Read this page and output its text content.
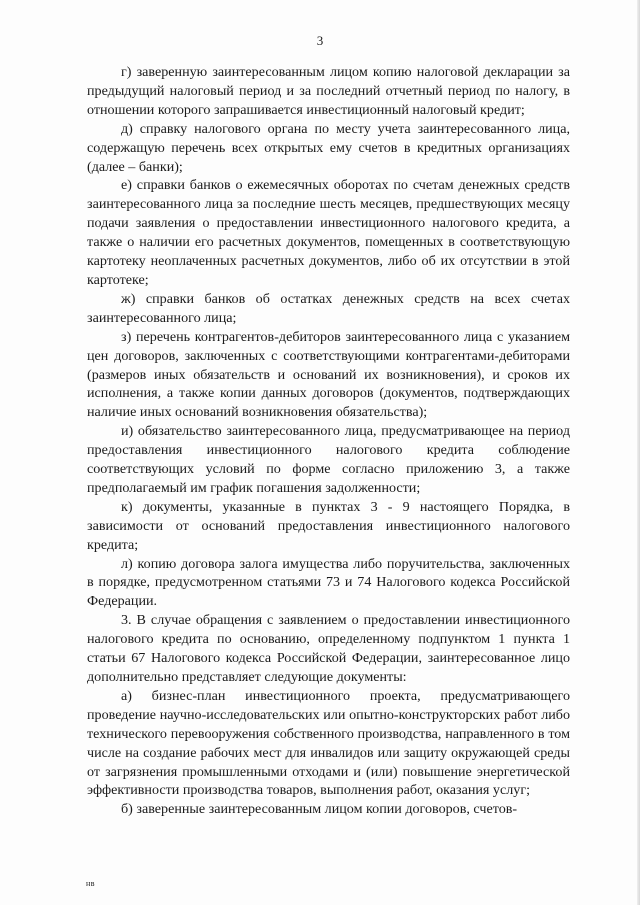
3

г) заверенную заинтересованным лицом копию налоговой декларации за предыдущий налоговый период и за последний отчетный период по налогу, в отношении которого запрашивается инвестиционный налоговый кредит;

д) справку налогового органа по месту учета заинтересованного лица, содержащую перечень всех открытых ему счетов в кредитных организациях (далее – банки);

е) справки банков о ежемесячных оборотах по счетам денежных средств заинтересованного лица за последние шесть месяцев, предшествующих месяцу подачи заявления о предоставлении инвестиционного налогового кредита, а также о наличии его расчетных документов, помещенных в соответствующую картотеку неоплаченных расчетных документов, либо об их отсутствии в этой картотеке;

ж) справки банков об остатках денежных средств на всех счетах заинтересованного лица;

з) перечень контрагентов-дебиторов заинтересованного лица с указанием цен договоров, заключенных с соответствующими контрагентами-дебиторами (размеров иных обязательств и оснований их возникновения), и сроков их исполнения, а также копии данных договоров (документов, подтверждающих наличие иных оснований возникновения обязательства);

и) обязательство заинтересованного лица, предусматривающее на период предоставления инвестиционного налогового кредита соблюдение соответствующих условий по форме согласно приложению 3, а также предполагаемый им график погашения задолженности;

к) документы, указанные в пунктах 3 - 9 настоящего Порядка, в зависимости от оснований предоставления инвестиционного налогового кредита;

л) копию договора залога имущества либо поручительства, заключенных в порядке, предусмотренном статьями 73 и 74 Налогового кодекса Российской Федерации.

3. В случае обращения с заявлением о предоставлении инвестиционного налогового кредита по основанию, определенному подпунктом 1 пункта 1 статьи 67 Налогового кодекса Российской Федерации, заинтересованное лицо дополнительно представляет следующие документы:

а) бизнес-план инвестиционного проекта, предусматривающего проведение научно-исследовательских или опытно-конструкторских работ либо технического перевооружения собственного производства, направленного в том числе на создание рабочих мест для инвалидов или защиту окружающей среды от загрязнения промышленными отходами и (или) повышение энергетической эффективности производства товаров, выполнения работ, оказания услуг;

б) заверенные заинтересованным лицом копии договоров, счетов-

нв
